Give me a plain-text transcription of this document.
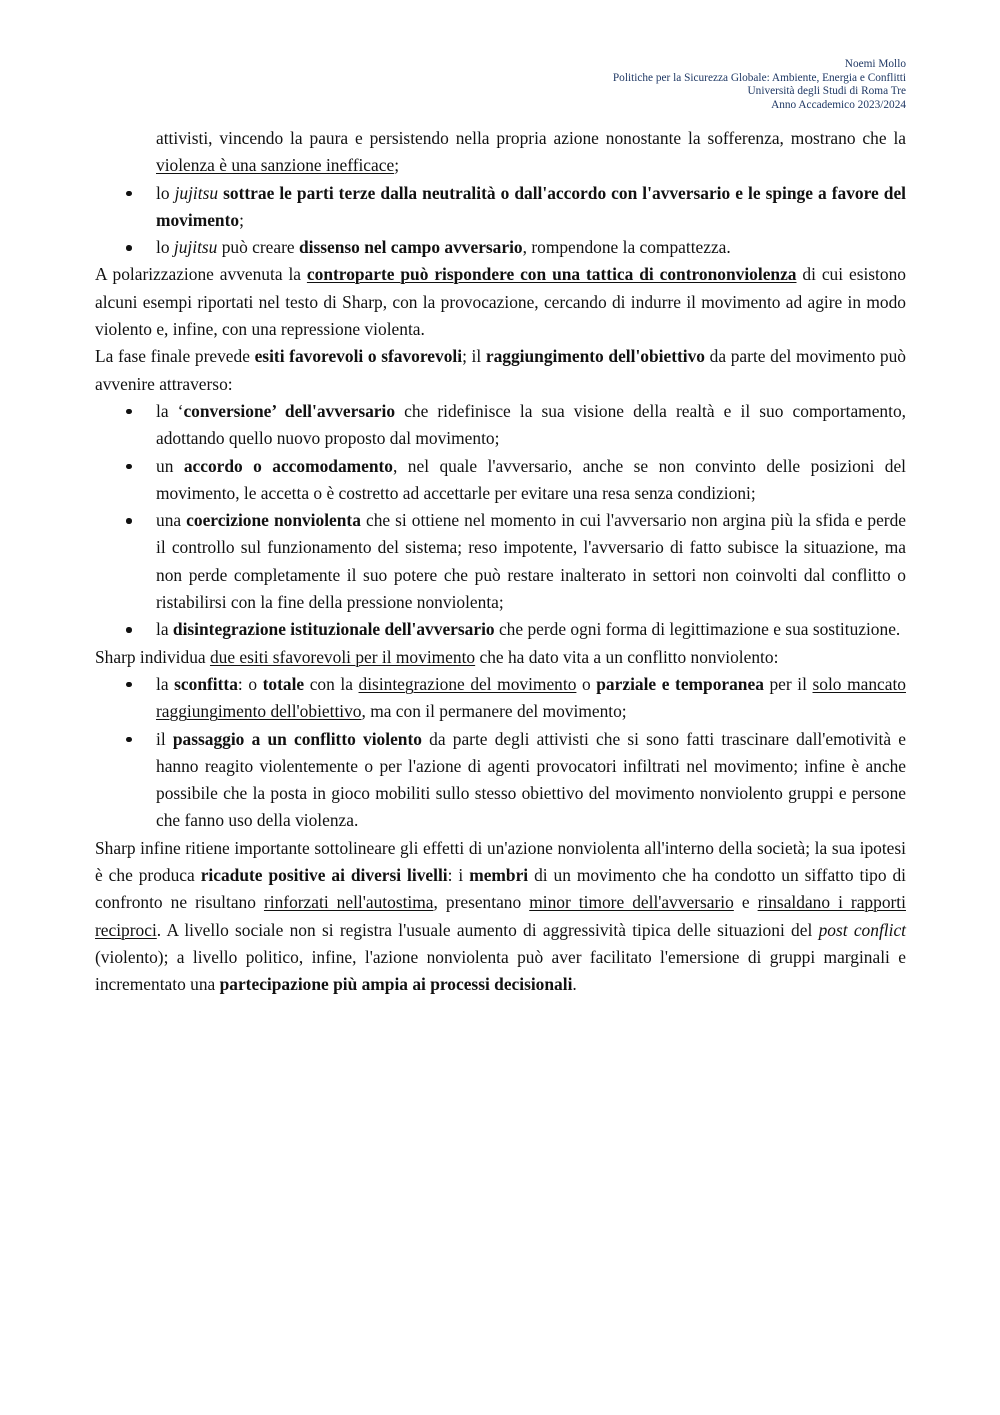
Noemi Mollo
Politiche per la Sicurezza Globale: Ambiente, Energia e Conflitti
Università degli Studi di Roma Tre
Anno Accademico 2023/2024

attivisti, vincendo la paura e persistendo nella propria azione nonostante la sofferenza, mostrano che la violenza è una sanzione inefficace;

lo jujitsu sottrae le parti terze dalla neutralità o dall'accordo con l'avversario e le spinge a favore del movimento;
lo jujitsu può creare dissenso nel campo avversario, rompendone la compattezza.

A polarizzazione avvenuta la controparte può rispondere con una tattica di contrononviolenza di cui esistono alcuni esempi riportati nel testo di Sharp, con la provocazione, cercando di indurre il movimento ad agire in modo violento e, infine, con una repressione violenta.

La fase finale prevede esiti favorevoli o sfavorevoli; il raggiungimento dell'obiettivo da parte del movimento può avvenire attraverso:

la ‘conversione’ dell'avversario che ridefinisce la sua visione della realtà e il suo comportamento, adottando quello nuovo proposto dal movimento;
un accordo o accomodamento, nel quale l'avversario, anche se non convinto delle posizioni del movimento, le accetta o è costretto ad accettarle per evitare una resa senza condizioni;
una coercizione nonviolenta che si ottiene nel momento in cui l'avversario non argina più la sfida e perde il controllo sul funzionamento del sistema; reso impotente, l'avversario di fatto subisce la situazione, ma non perde completamente il suo potere che può restare inalterato in settori non coinvolti dal conflitto o ristabilirsi con la fine della pressione nonviolenta;
la disintegrazione istituzionale dell'avversario che perde ogni forma di legittimazione e sua sostituzione.

Sharp individua due esiti sfavorevoli per il movimento che ha dato vita a un conflitto nonviolento:

la sconfitta: o totale con la disintegrazione del movimento o parziale e temporanea per il solo mancato raggiungimento dell'obiettivo, ma con il permanere del movimento;
il passaggio a un conflitto violento da parte degli attivisti che si sono fatti trascinare dall'emotività e hanno reagito violentemente o per l'azione di agenti provocatori infiltrati nel movimento; infine è anche possibile che la posta in gioco mobiliti sullo stesso obiettivo del movimento nonviolento gruppi e persone che fanno uso della violenza.

Sharp infine ritiene importante sottolineare gli effetti di un'azione nonviolenta all'interno della società; la sua ipotesi è che produca ricadute positive ai diversi livelli: i membri di un movimento che ha condotto un siffatto tipo di confronto ne risultano rinforzati nell'autostima, presentano minor timore dell'avversario e rinsaldano i rapporti reciproci. A livello sociale non si registra l'usuale aumento di aggressività tipica delle situazioni del post conflict (violento); a livello politico, infine, l'azione nonviolenta può aver facilitato l'emersione di gruppi marginali e incrementato una partecipazione più ampia ai processi decisionali.
